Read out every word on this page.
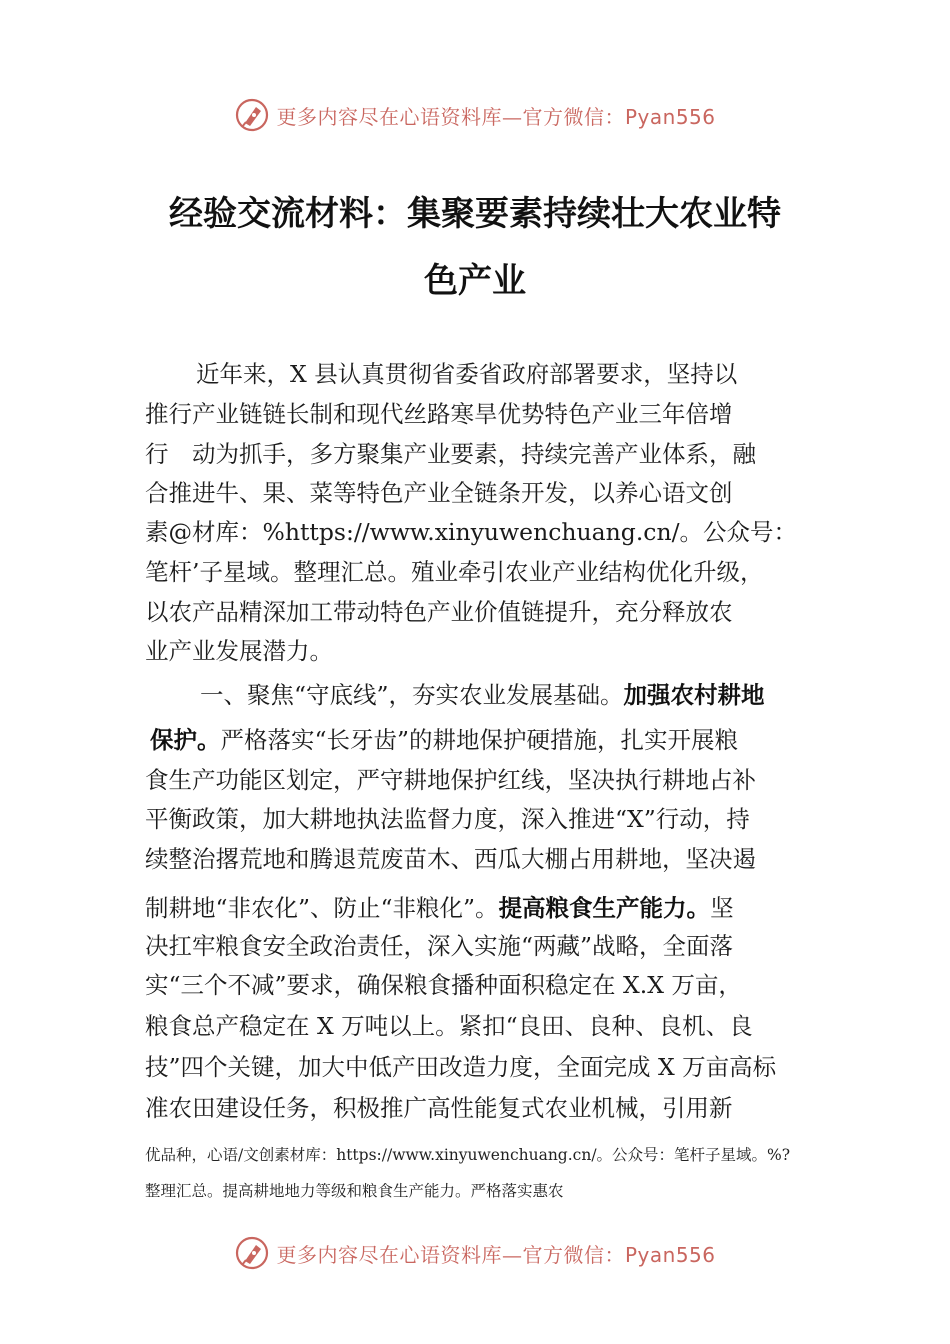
更多内容尽在心语资料库—官方微信：Pyan556
经验交流材料：集聚要素持续壮大农业特
色产业
近年来，X 县认真贯彻省委省政府部署要求，坚持以
推行产业链链长制和现代丝路寒旱优势特色产业三年倍增
行　动为抓手，多方聚集产业要素，持续完善产业体系，融
合推进牛、果、菜等特色产业全链条开发，以养心语文创
素@材库：%https://www.xinyuwenchuang.cn/。公众号：
笔杆’子星域。整理汇总。殖业牵引农业产业结构优化升级，
以农产品精深加工带动特色产业价值链提升，充分释放农
业产业发展潜力。
一、聚焦“守底线”，夯实农业发展基础。加强农村耕地
保护。严格落实“长牙齿”的耕地保护硬措施，扎实开展粮
食生产功能区划定，严守耕地保护红线，坚决执行耕地占补
平衡政策，加大耕地执法监督力度，深入推进“X”行动，持
续整治撂荒地和腾退荒废苗木、西瓜大棚占用耕地，坚决遏
制耕地“非农化”、防止“非粮化”。提高粮食生产能力。坚
决扛牢粮食安全政治责任，深入实施“两藏”战略，全面落
实“三个不减”要求，确保粮食播种面积稳定在 X.X 万亩，
粮食总产稳定在 X 万吨以上。紧扣“良田、良种、良机、良
技”四个关键，加大中低产田改造力度，全面完成 X 万亩高标
准农田建设任务，积极推广高性能复式农业机械，引用新
优品种，心语/文创素材库：https://www.xinyuwenchuang.cn/。公众号：笔杆子星域。%?
整理汇总。提高耕地地力等级和粮食生产能力。严格落实惠农
更多内容尽在心语资料库—官方微信：Pyan556
